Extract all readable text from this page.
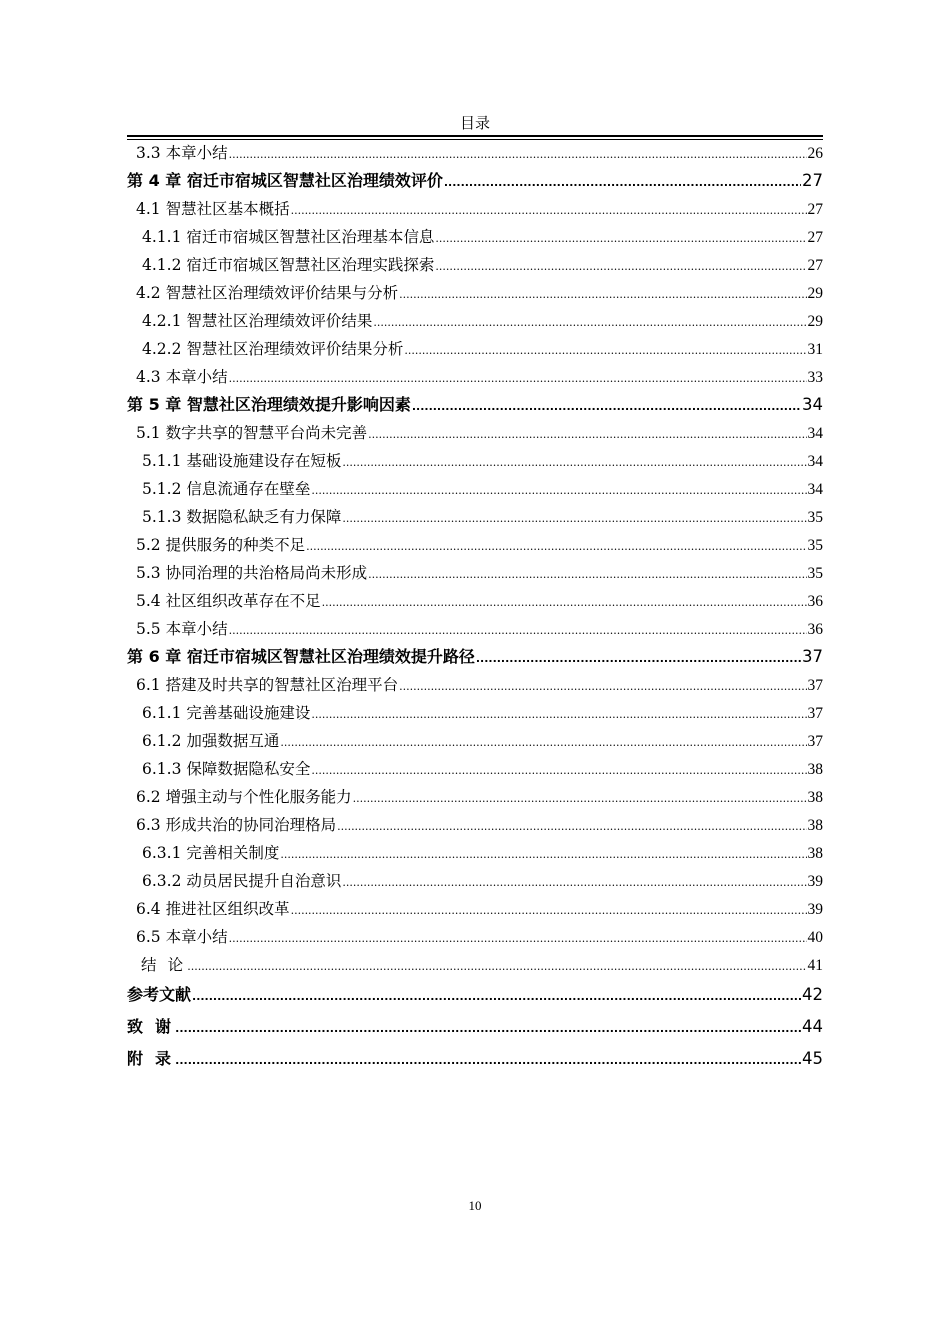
目录
3.3 本章小结 .....	26
第 4 章 宿迁市宿城区智慧社区治理绩效评价 .....	27
4.1 智慧社区基本概括 .....	27
4.1.1 宿迁市宿城区智慧社区治理基本信息 .....	27
4.1.2 宿迁市宿城区智慧社区治理实践探索 .....	27
4.2 智慧社区治理绩效评价结果与分析 .....	29
4.2.1 智慧社区治理绩效评价结果 .....	29
4.2.2 智慧社区治理绩效评价结果分析 .....	31
4.3 本章小结 .....	33
第 5 章 智慧社区治理绩效提升影响因素 .....	34
5.1 数字共享的智慧平台尚未完善 .....	34
5.1.1 基础设施建设存在短板 .....	34
5.1.2 信息流通存在壁垒 .....	34
5.1.3 数据隐私缺乏有力保障 .....	35
5.2 提供服务的种类不足 .....	35
5.3 协同治理的共治格局尚未形成 .....	35
5.4 社区组织改革存在不足 .....	36
5.5 本章小结 .....	36
第 6 章 宿迁市宿城区智慧社区治理绩效提升路径 .....	37
6.1 搭建及时共享的智慧社区治理平台 .....	37
6.1.1 完善基础设施建设 .....	37
6.1.2 加强数据互通 .....	37
6.1.3 保障数据隐私安全 .....	38
6.2 增强主动与个性化服务能力 .....	38
6.3 形成共治的协同治理格局 .....	38
6.3.1 完善相关制度 .....	38
6.3.2 动员居民提升自治意识 .....	39
6.4 推进社区组织改革 .....	39
6.5 本章小结 .....	40
结 论 .....	41
参考文献 .....	42
致 谢 .....	44
附 录 .....	45
10
